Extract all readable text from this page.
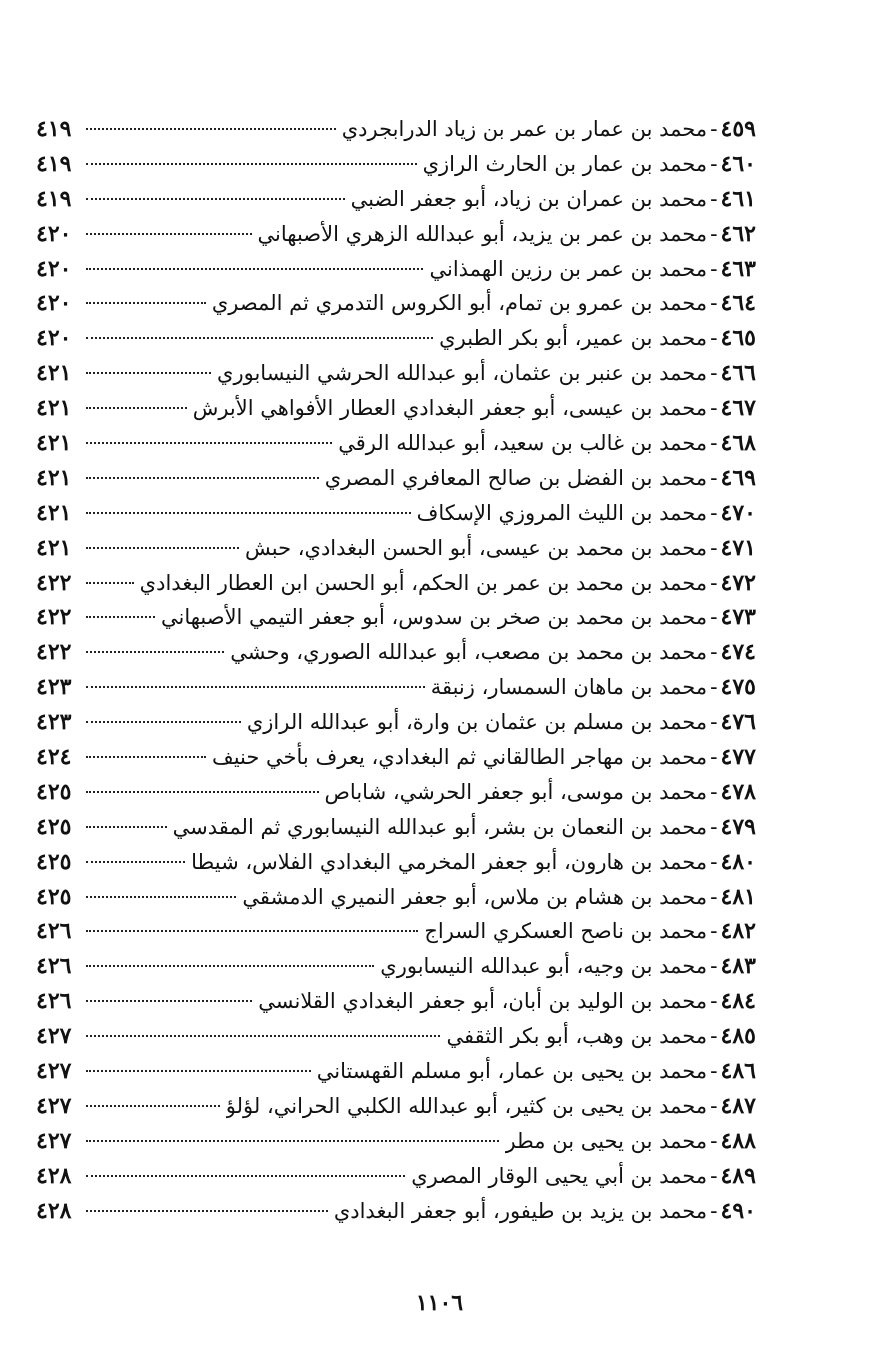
٤٥٩
-
محمد بن عمار بن عمر بن زياد الدرابجردي
٤١٩
٤٦٠
-
محمد بن عمار بن الحارث الرازي
٤١٩
٤٦١
-
محمد بن عمران بن زياد، أبو جعفر الضبي
٤١٩
٤٦٢
-
محمد بن عمر بن يزيد، أبو عبدالله الزهري الأصبهاني
٤٢٠
٤٦٣
-
محمد بن عمر بن رزين الهمذاني
٤٢٠
٤٦٤
-
محمد بن عمرو بن تمام، أبو الكروس التدمري ثم المصري
٤٢٠
٤٦٥
-
محمد بن عمير، أبو بكر الطبري
٤٢٠
٤٦٦
-
محمد بن عنبر بن عثمان، أبو عبدالله الحرشي النيسابوري
٤٢١
٤٦٧
-
محمد بن عيسى، أبو جعفر البغدادي العطار الأفواهي الأبرش
٤٢١
٤٦٨
-
محمد بن غالب بن سعيد، أبو عبدالله الرقي
٤٢١
٤٦٩
-
محمد بن الفضل بن صالح المعافري المصري
٤٢١
٤٧٠
-
محمد بن الليث المروزي الإسكاف
٤٢١
٤٧١
-
محمد بن محمد بن عيسى، أبو الحسن البغدادي، حبش
٤٢١
٤٧٢
-
محمد بن محمد بن عمر بن الحكم، أبو الحسن ابن العطار البغدادي
٤٢٢
٤٧٣
-
محمد بن محمد بن صخر بن سدوس، أبو جعفر التيمي الأصبهاني
٤٢٢
٤٧٤
-
محمد بن محمد بن مصعب، أبو عبدالله الصوري، وحشي
٤٢٢
٤٧٥
-
محمد بن ماهان السمسار، زنبقة
٤٢٣
٤٧٦
-
محمد بن مسلم بن عثمان بن وارة، أبو عبدالله الرازي
٤٢٣
٤٧٧
-
محمد بن مهاجر الطالقاني ثم البغدادي، يعرف بأخي حنيف
٤٢٤
٤٧٨
-
محمد بن موسى، أبو جعفر الحرشي، شاباص
٤٢٥
٤٧٩
-
محمد بن النعمان بن بشر، أبو عبدالله النيسابوري ثم المقدسي
٤٢٥
٤٨٠
-
محمد بن هارون، أبو جعفر المخرمي البغدادي الفلاس، شيطا
٤٢٥
٤٨١
-
محمد بن هشام بن ملاس، أبو جعفر النميري الدمشقي
٤٢٥
٤٨٢
-
محمد بن ناصح العسكري السراج
٤٢٦
٤٨٣
-
محمد بن وجيه، أبو عبدالله النيسابوري
٤٢٦
٤٨٤
-
محمد بن الوليد بن أبان، أبو جعفر البغدادي القلانسي
٤٢٦
٤٨٥
-
محمد بن وهب، أبو بكر الثقفي
٤٢٧
٤٨٦
-
محمد بن يحيى بن عمار، أبو مسلم القهستاني
٤٢٧
٤٨٧
-
محمد بن يحيى بن كثير، أبو عبدالله الكلبي الحراني، لؤلؤ
٤٢٧
٤٨٨
-
محمد بن يحيى بن مطر
٤٢٧
٤٨٩
-
محمد بن أبي يحيى الوقار المصري
٤٢٨
٤٩٠
-
محمد بن يزيد بن طيفور، أبو جعفر البغدادي
٤٢٨
١١٠٦
